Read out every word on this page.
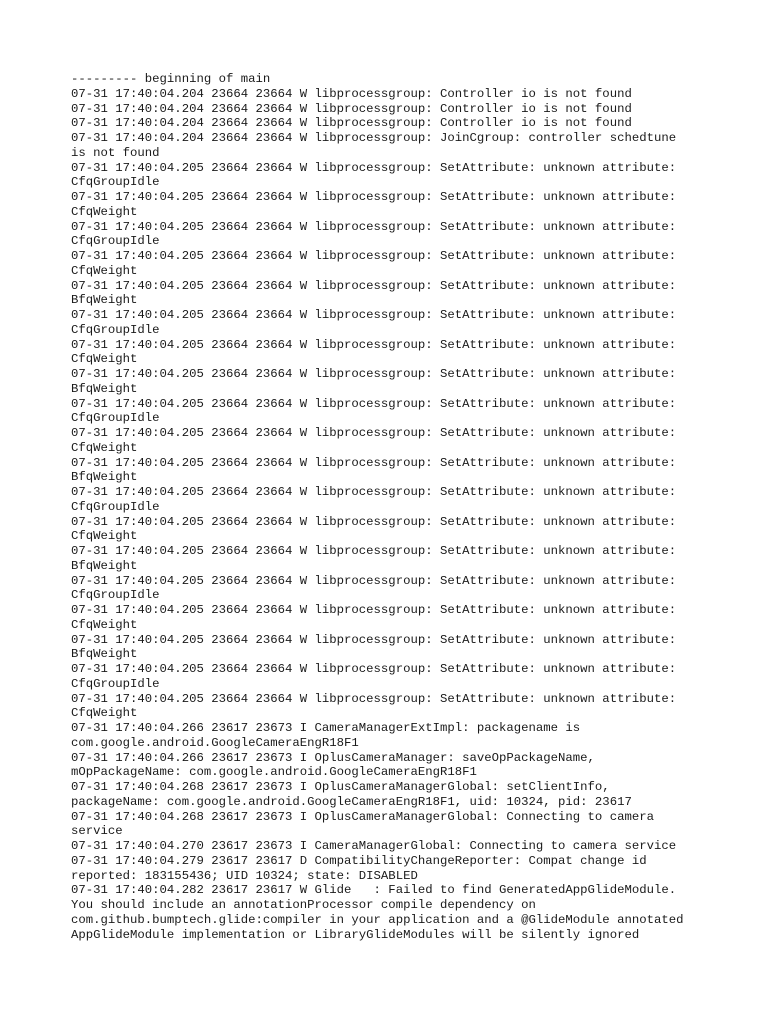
--------- beginning of main
07-31 17:40:04.204 23664 23664 W libprocessgroup: Controller io is not found
07-31 17:40:04.204 23664 23664 W libprocessgroup: Controller io is not found
07-31 17:40:04.204 23664 23664 W libprocessgroup: Controller io is not found
07-31 17:40:04.204 23664 23664 W libprocessgroup: JoinCgroup: controller schedtune
is not found
07-31 17:40:04.205 23664 23664 W libprocessgroup: SetAttribute: unknown attribute:
CfqGroupIdle
07-31 17:40:04.205 23664 23664 W libprocessgroup: SetAttribute: unknown attribute:
CfqWeight
07-31 17:40:04.205 23664 23664 W libprocessgroup: SetAttribute: unknown attribute:
CfqGroupIdle
07-31 17:40:04.205 23664 23664 W libprocessgroup: SetAttribute: unknown attribute:
CfqWeight
07-31 17:40:04.205 23664 23664 W libprocessgroup: SetAttribute: unknown attribute:
BfqWeight
07-31 17:40:04.205 23664 23664 W libprocessgroup: SetAttribute: unknown attribute:
CfqGroupIdle
07-31 17:40:04.205 23664 23664 W libprocessgroup: SetAttribute: unknown attribute:
CfqWeight
07-31 17:40:04.205 23664 23664 W libprocessgroup: SetAttribute: unknown attribute:
BfqWeight
07-31 17:40:04.205 23664 23664 W libprocessgroup: SetAttribute: unknown attribute:
CfqGroupIdle
07-31 17:40:04.205 23664 23664 W libprocessgroup: SetAttribute: unknown attribute:
CfqWeight
07-31 17:40:04.205 23664 23664 W libprocessgroup: SetAttribute: unknown attribute:
BfqWeight
07-31 17:40:04.205 23664 23664 W libprocessgroup: SetAttribute: unknown attribute:
CfqGroupIdle
07-31 17:40:04.205 23664 23664 W libprocessgroup: SetAttribute: unknown attribute:
CfqWeight
07-31 17:40:04.205 23664 23664 W libprocessgroup: SetAttribute: unknown attribute:
BfqWeight
07-31 17:40:04.205 23664 23664 W libprocessgroup: SetAttribute: unknown attribute:
CfqGroupIdle
07-31 17:40:04.205 23664 23664 W libprocessgroup: SetAttribute: unknown attribute:
CfqWeight
07-31 17:40:04.205 23664 23664 W libprocessgroup: SetAttribute: unknown attribute:
BfqWeight
07-31 17:40:04.205 23664 23664 W libprocessgroup: SetAttribute: unknown attribute:
CfqGroupIdle
07-31 17:40:04.205 23664 23664 W libprocessgroup: SetAttribute: unknown attribute:
CfqWeight
07-31 17:40:04.266 23617 23673 I CameraManagerExtImpl: packagename is
com.google.android.GoogleCameraEngR18F1
07-31 17:40:04.266 23617 23673 I OplusCameraManager: saveOpPackageName,
mOpPackageName: com.google.android.GoogleCameraEngR18F1
07-31 17:40:04.268 23617 23673 I OplusCameraManagerGlobal: setClientInfo,
packageName: com.google.android.GoogleCameraEngR18F1, uid: 10324, pid: 23617
07-31 17:40:04.268 23617 23673 I OplusCameraManagerGlobal: Connecting to camera
service
07-31 17:40:04.270 23617 23673 I CameraManagerGlobal: Connecting to camera service
07-31 17:40:04.279 23617 23617 D CompatibilityChangeReporter: Compat change id
reported: 183155436; UID 10324; state: DISABLED
07-31 17:40:04.282 23617 23617 W Glide   : Failed to find GeneratedAppGlideModule.
You should include an annotationProcessor compile dependency on
com.github.bumptech.glide:compiler in your application and a @GlideModule annotated
AppGlideModule implementation or LibraryGlideModules will be silently ignored
